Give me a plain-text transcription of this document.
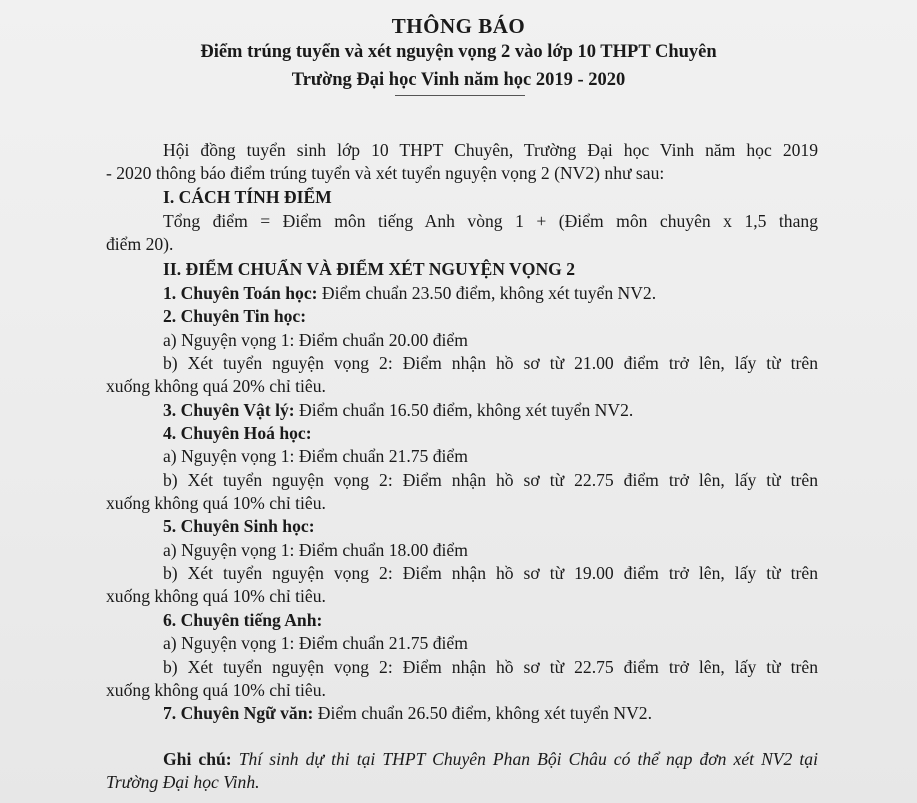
THÔNG BÁO
Điểm trúng tuyển và xét nguyện vọng 2 vào lớp 10 THPT Chuyên
Trường Đại học Vinh năm học 2019 - 2020
Hội đồng tuyển sinh lớp 10 THPT Chuyên, Trường Đại học Vinh năm học 2019
- 2020 thông báo điểm trúng tuyển và xét tuyển nguyện vọng 2 (NV2) như sau:
I. CÁCH TÍNH ĐIỂM
Tổng điểm = Điểm môn tiếng Anh vòng 1 + (Điểm môn chuyên x 1,5 thang
điểm 20).
II. ĐIỂM CHUẨN VÀ ĐIỂM XÉT NGUYỆN VỌNG 2
1. Chuyên Toán học: Điểm chuẩn 23.50 điểm, không xét tuyển NV2.
2. Chuyên Tin học:
a) Nguyện vọng 1: Điểm chuẩn 20.00 điểm
b) Xét tuyển nguyện vọng 2: Điểm nhận hồ sơ từ 21.00 điểm trở lên, lấy từ trên
xuống không quá 20% chỉ tiêu.
3. Chuyên Vật lý: Điểm chuẩn 16.50 điểm, không xét tuyển NV2.
4. Chuyên Hoá học:
a) Nguyện vọng 1: Điểm chuẩn 21.75 điểm
b) Xét tuyển nguyện vọng 2: Điểm nhận hồ sơ từ 22.75 điểm trở lên, lấy từ trên
xuống không quá 10% chỉ tiêu.
5. Chuyên Sinh học:
a) Nguyện vọng 1: Điểm chuẩn 18.00 điểm
b) Xét tuyển nguyện vọng 2: Điểm nhận hồ sơ từ 19.00 điểm trở lên, lấy từ trên
xuống không quá 10% chỉ tiêu.
6. Chuyên tiếng Anh:
a) Nguyện vọng 1: Điểm chuẩn 21.75 điểm
b) Xét tuyển nguyện vọng 2: Điểm nhận hồ sơ từ 22.75 điểm trở lên, lấy từ trên
xuống không quá 10% chỉ tiêu.
7. Chuyên Ngữ văn: Điểm chuẩn 26.50 điểm, không xét tuyển NV2.
Ghi chú: Thí sinh dự thi tại THPT Chuyên Phan Bội Châu có thể nạp đơn xét NV2 tại
Trường Đại học Vinh.
